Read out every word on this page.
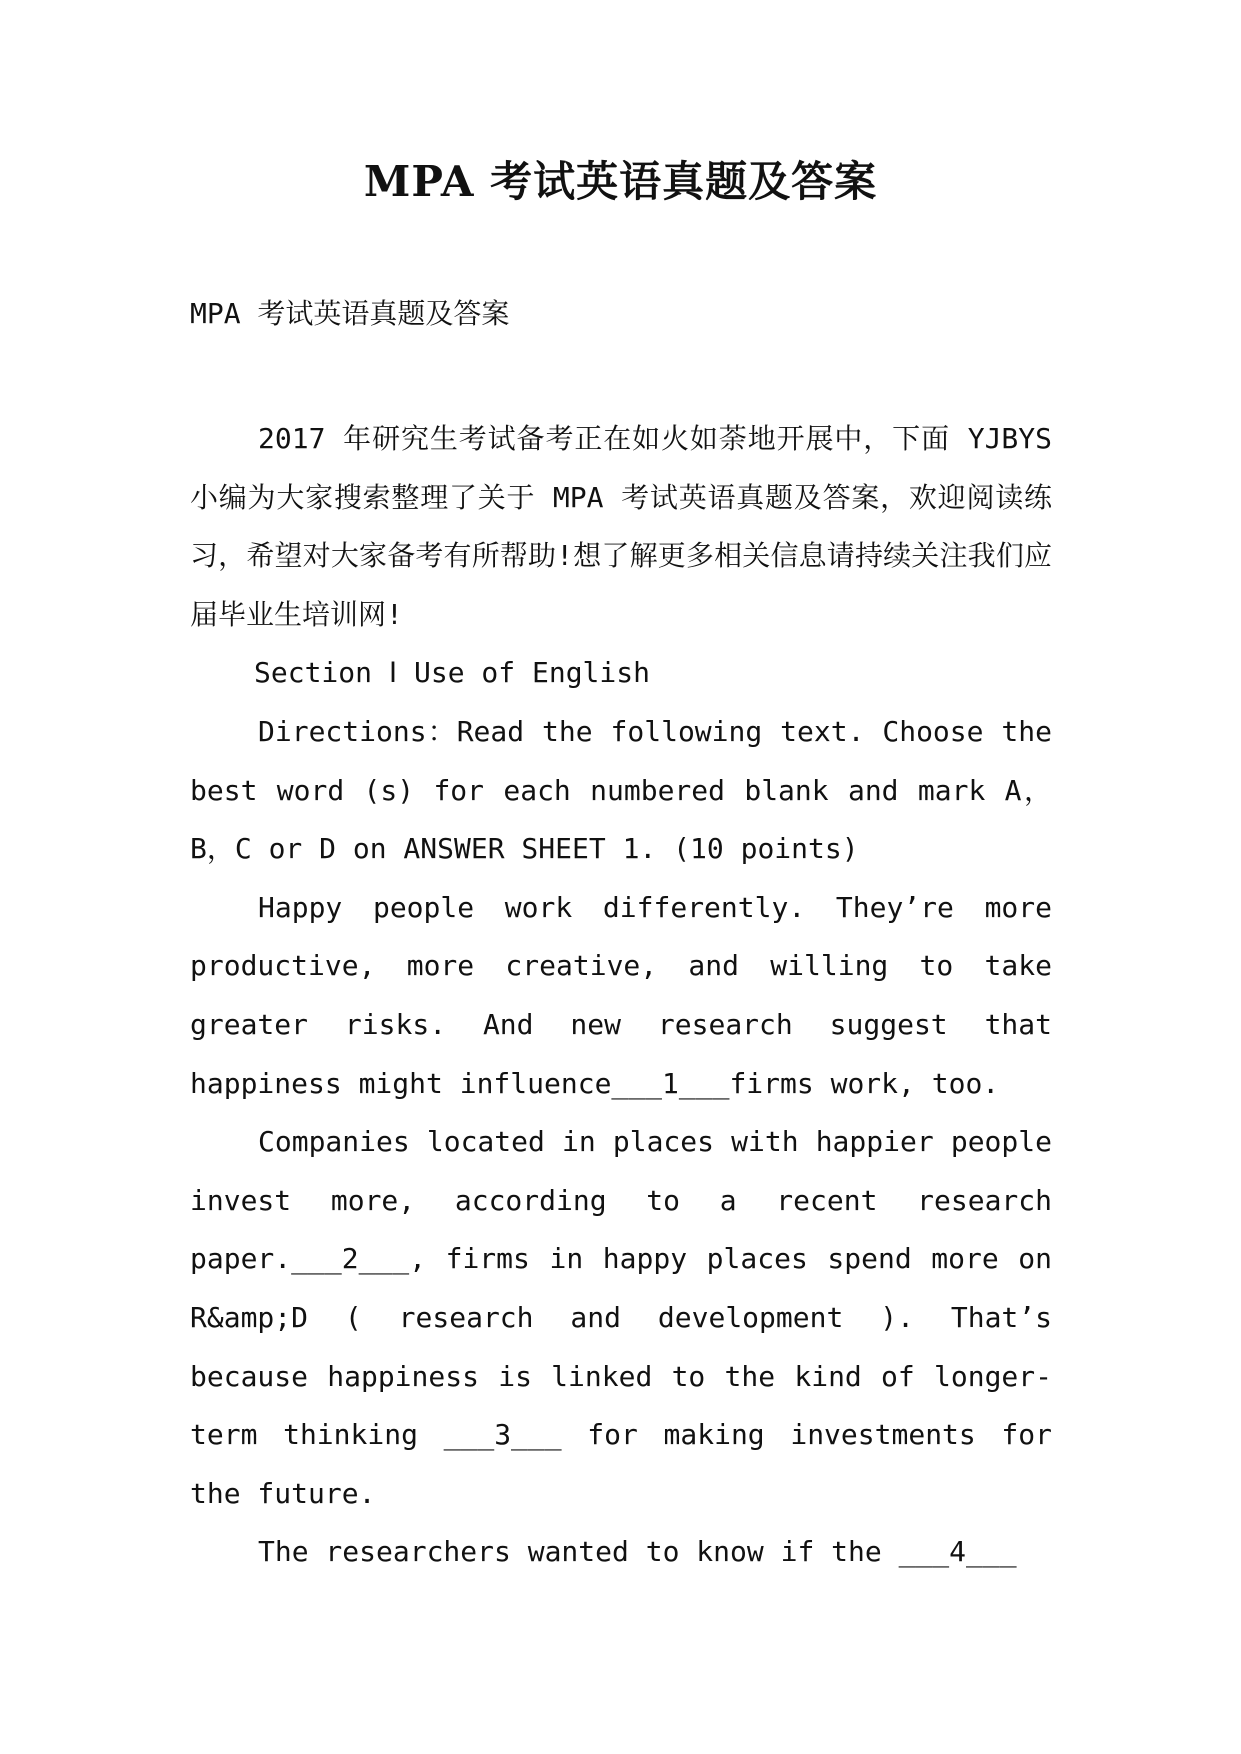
MPA 考试英语真题及答案

MPA 考试英语真题及答案

2017 年研究生考试备考正在如火如荼地开展中，下面 YJBYS 小编为大家搜索整理了关于 MPA 考试英语真题及答案，欢迎阅读练习，希望对大家备考有所帮助!想了解更多相关信息请持续关注我们应届毕业生培训网!

Section Ⅰ Use of English

Directions：Read the following text. Choose the best word (s) for each numbered blank and mark A，B，C or D on ANSWER SHEET 1. (10 points)

Happy people work differently. They’re more productive, more creative, and willing to take greater risks. And new research suggest that happiness might influence___1___firms work, too.

Companies located in places with happier people invest more, according to a recent research paper.___2___, firms in happy places spend more on R&amp;D ( research and development ). That’s because happiness is linked to the kind of longer-term thinking ___3___ for making investments for the future.

The researchers wanted to know if the ___4___
